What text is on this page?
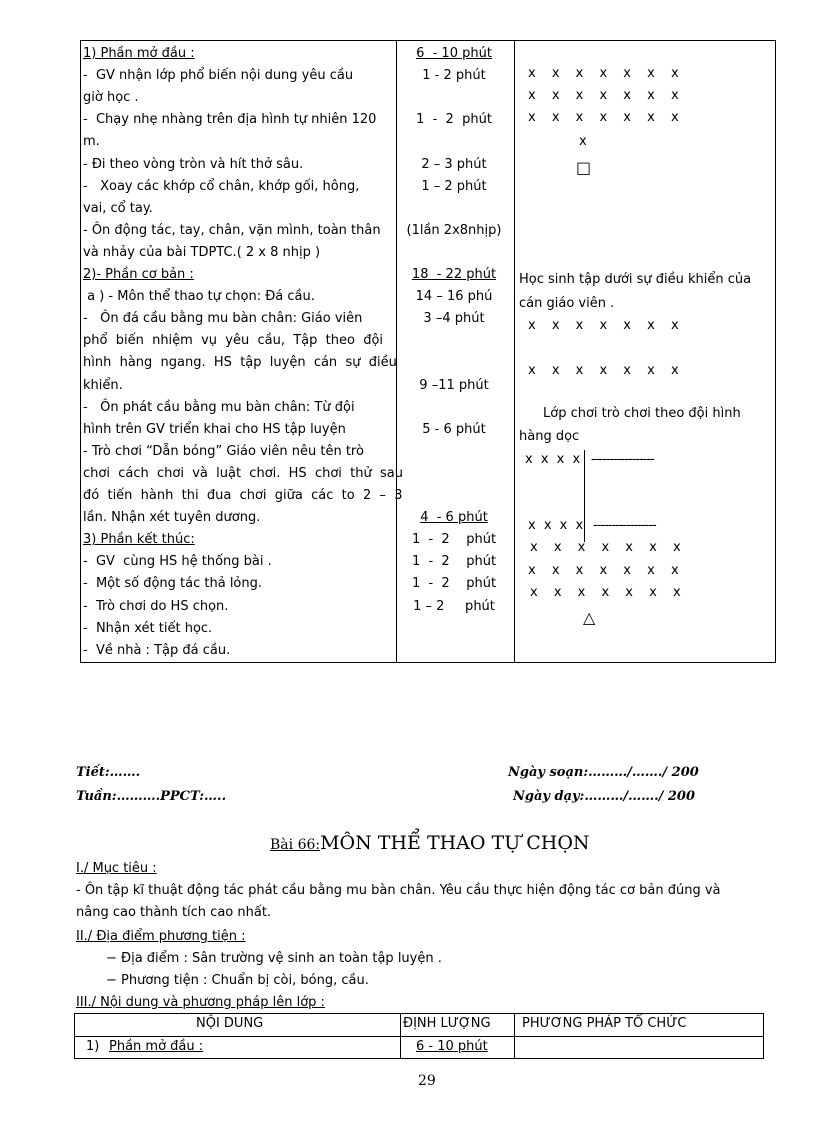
1) Phần mở đầu :
-  GV nhận lớp phổ biến nội dung yêu cầu
giờ học .
-  Chạy nhẹ nhàng trên địa hình tự nhiên 120
m.
- Đi theo vòng tròn và hít thở sâu.
-   Xoay các khớp cổ chân, khớp gối, hông,
vai, cổ tay.
- Ôn động tác, tay, chân, vặn mình, toàn thân
và nhảy của bài TDPTC.( 2 x 8 nhịp )
2)- Phần cơ bản :
a ) - Môn thể thao tự chọn: Đá cầu.
-   Ôn đá cầu bằng mu bàn chân: Giáo viên
phổ  biến  nhiệm  vụ  yêu  cầu,  Tập  theo  đội
hình  hàng  ngang.  HS  tập  luyện  cán  sự  điều
khiển.
-   Ôn phát cầu bằng mu bàn chân: Từ đội
hình trên GV triển khai cho HS tập luyện
- Trò chơi “Dẫn bóng” Giáo viên nêu tên trò
chơi  cách  chơi  và  luật  chơi.  HS  chơi  thử  sau
đó  tiến  hành  thi  đua  chơi  giữa  các  to  2  –  3
lần. Nhận xét tuyên dương.
3) Phần kết thúc:
-  GV  cùng HS hệ thống bài .
-  Một số động tác thả lỏng.
-  Trò chơi do HS chọn.
-  Nhận xét tiết học.
-  Về nhà : Tập đá cầu.
6  - 10 phút
1 - 2 phút
1  -  2  phút
2 – 3 phút
1 – 2 phút
(1lần 2x8nhịp)
18  - 22 phút
14 – 16 phú
3 –4 phút
9 –11 phút
5 - 6 phút
4  - 6 phút
1  -  2    phút
1  -  2    phút
1  -  2    phút
1 – 2     phút
x x x x x x x
x x x x x x x
x x x x x x x
x
□
Học sinh tập dưới sự điều khiển của
cán giáo viên .
x x x x x x x
x x x x x x x
Lớp chơi trò chơi theo đội hình
hàng dọc
x x x x -----------------
x x x x -----------------
x x x x x x x
x x x x x x x
x x x x x x x
△
Tiết:…….
Tuần:……….PPCT:…..
Ngày soạn:………/……./ 200
Ngày dạy:………/……./ 200
Bài 66:MÔN THỂ THAO TỰ CHỌN
I./ Mục tiêu :
- Ôn tập kĩ thuật động tác phát cầu bằng mu bàn chân. Yêu cầu thực hiện động tác cơ bản đúng và
nâng cao thành tích cao nhất.
II./ Địa điểm phương tiện :
− Địa điểm : Sân trường vệ sinh an toàn tập luyện .
− Phương tiện : Chuẩn bị còi, bóng, cầu.
III./ Nội dung và phương pháp lên lớp :
NỘI DUNG	ĐỊNH LƯỢNG PHƯƠNG PHÁP TỔ CHỨC
1) Phần mở đầu :	6 - 10 phút
29
